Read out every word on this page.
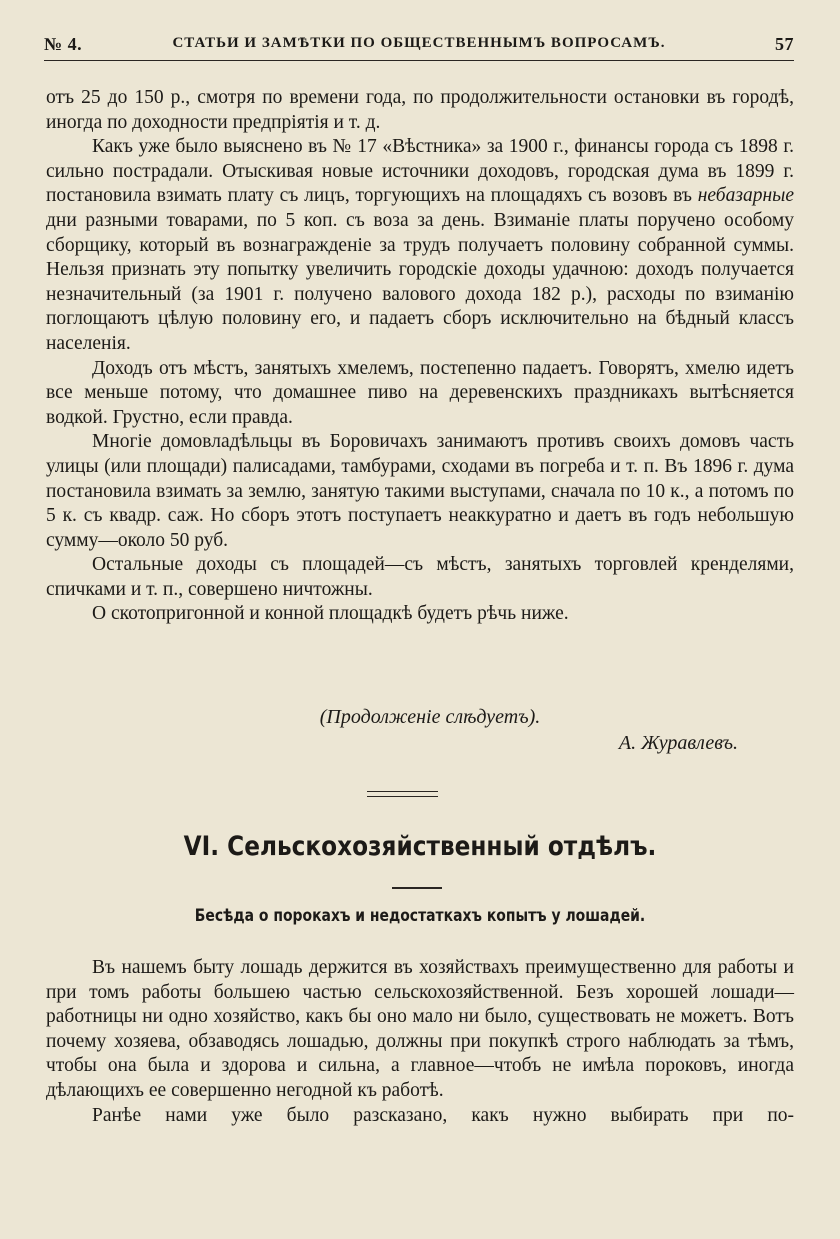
№ 4.	СТАТЬИ И ЗАМѢТКИ ПО ОБЩЕСТВЕННЫМЪ ВОПРОСАМЪ.	57

отъ 25 до 150 р., смотря по времени года, по продолжительности остановки въ городѣ, иногда по доходности предпріятія и т. д.

Какъ уже было выяснено въ № 17 «Вѣстника» за 1900 г., финансы города съ 1898 г. сильно пострадали. Отыскивая новые источники доходовъ, городская дума въ 1899 г. постановила взимать плату съ лицъ, торгующихъ на площадяхъ съ возовъ въ небазарные дни разными товарами, по 5 коп. съ воза за день. Взиманіе платы поручено особому сборщику, который въ вознагражденіе за трудъ получаетъ половину собранной суммы. Нельзя признать эту попытку увеличить городскіе доходы удачною: доходъ получается незначительный (за 1901 г. получено валового дохода 182 р.), расходы по взиманію поглощаютъ цѣлую половину его, и падаетъ сборъ исключительно на бѣдный классъ населенія.

Доходъ отъ мѣстъ, занятыхъ хмелемъ, постепенно падаетъ. Говорятъ, хмелю идетъ все меньше потому, что домашнее пиво на деревенскихъ праздникахъ вытѣсняется водкой. Грустно, если правда.

Многіе домовладѣльцы въ Боровичахъ занимаютъ противъ своихъ домовъ часть улицы (или площади) палисадами, тамбурами, сходами въ погреба и т. п. Въ 1896 г. дума постановила взимать за землю, занятую такими выступами, сначала по 10 к., а потомъ по 5 к. съ квадр. саж. Но сборъ этотъ поступаетъ неаккуратно и даетъ въ годъ небольшую сумму—около 50 руб.

Остальные доходы съ площадей—съ мѣстъ, занятыхъ торговлей кренделями, спичками и т. п., совершено ничтожны.

О скотопригонной и конной площадкѣ будетъ рѣчь ниже.

(Продолженіе слѣдуетъ).
А. Журавлевъ.
VI. Сельскохозяйственный отдѣлъ.
Бесѣда о порокахъ и недостаткахъ копытъ у лошадей.

Въ нашемъ быту лошадь держится въ хозяйствахъ преимущественно для работы и при томъ работы большею частью сельскохозяйственной. Безъ хорошей лошади—работницы ни одно хозяйство, какъ бы оно мало ни было, существовать не можетъ. Вотъ почему хозяева, обзаводясь лошадью, должны при покупкѣ строго наблюдать за тѣмъ, чтобы она была и здорова и сильна, а главное—чтобъ не имѣла пороковъ, иногда дѣлающихъ ее совершенно негодной къ работѣ.

Ранѣе нами уже было разсказано, какъ нужно выбирать при по-
